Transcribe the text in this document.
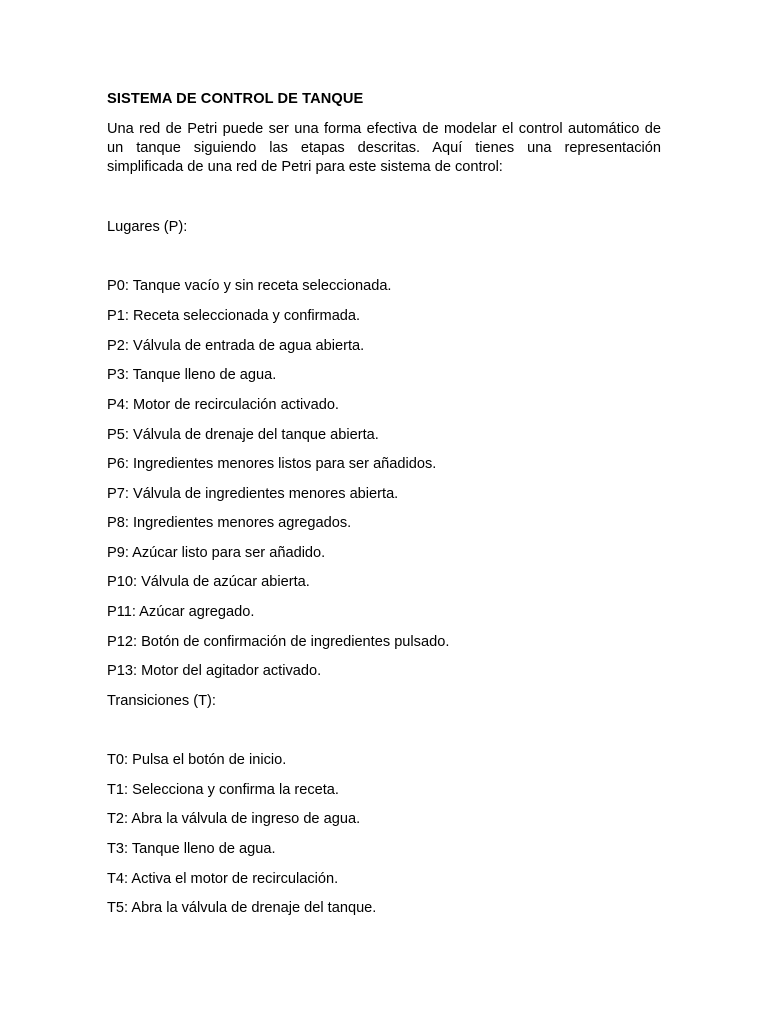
SISTEMA DE CONTROL DE TANQUE
Una red de Petri puede ser una forma efectiva de modelar el control automático de un tanque siguiendo las etapas descritas. Aquí tienes una representación simplificada de una red de Petri para este sistema de control:
Lugares (P):
P0: Tanque vacío y sin receta seleccionada.
P1: Receta seleccionada y confirmada.
P2: Válvula de entrada de agua abierta.
P3: Tanque lleno de agua.
P4: Motor de recirculación activado.
P5: Válvula de drenaje del tanque abierta.
P6: Ingredientes menores listos para ser añadidos.
P7: Válvula de ingredientes menores abierta.
P8: Ingredientes menores agregados.
P9: Azúcar listo para ser añadido.
P10: Válvula de azúcar abierta.
P11: Azúcar agregado.
P12: Botón de confirmación de ingredientes pulsado.
P13: Motor del agitador activado.
Transiciones (T):
T0: Pulsa el botón de inicio.
T1: Selecciona y confirma la receta.
T2: Abra la válvula de ingreso de agua.
T3: Tanque lleno de agua.
T4: Activa el motor de recirculación.
T5: Abra la válvula de drenaje del tanque.
